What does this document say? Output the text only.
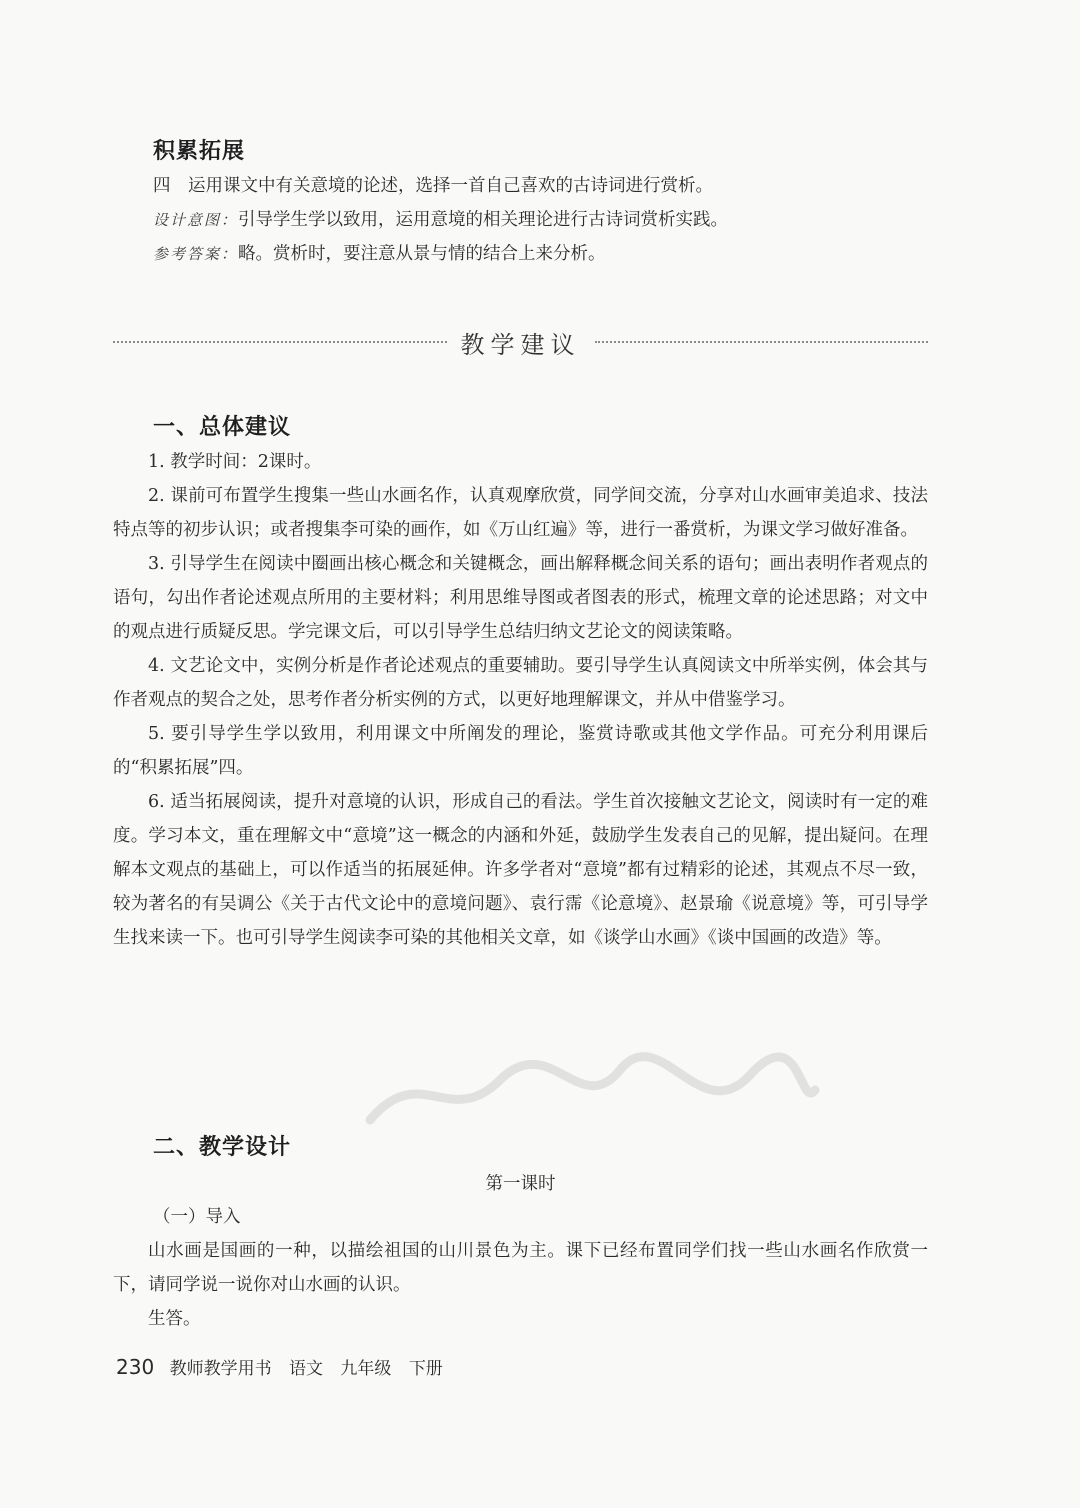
积累拓展
四　运用课文中有关意境的论述，选择一首自己喜欢的古诗词进行赏析。
设计意图：引导学生学以致用，运用意境的相关理论进行古诗词赏析实践。
参考答案：略。赏析时，要注意从景与情的结合上来分析。
教学建议
一、总体建议

1. 教学时间：2课时。

2. 课前可布置学生搜集一些山水画名作，认真观摩欣赏，同学间交流，分享对山水画审美追求、技法特点等的初步认识；或者搜集李可染的画作，如《万山红遍》等，进行一番赏析，为课文学习做好准备。

3. 引导学生在阅读中圈画出核心概念和关键概念，画出解释概念间关系的语句；画出表明作者观点的语句，勾出作者论述观点所用的主要材料；利用思维导图或者图表的形式，梳理文章的论述思路；对文中的观点进行质疑反思。学完课文后，可以引导学生总结归纳文艺论文的阅读策略。

4. 文艺论文中，实例分析是作者论述观点的重要辅助。要引导学生认真阅读文中所举实例，体会其与作者观点的契合之处，思考作者分析实例的方式，以更好地理解课文，并从中借鉴学习。

5. 要引导学生学以致用，利用课文中所阐发的理论，鉴赏诗歌或其他文学作品。可充分利用课后的“积累拓展”四。

6. 适当拓展阅读，提升对意境的认识，形成自己的看法。学生首次接触文艺论文，阅读时有一定的难度。学习本文，重在理解文中“意境”这一概念的内涵和外延，鼓励学生发表自己的见解，提出疑问。在理解本文观点的基础上，可以作适当的拓展延伸。许多学者对“意境”都有过精彩的论述，其观点不尽一致，较为著名的有吴调公《关于古代文论中的意境问题》、袁行霈《论意境》、赵景瑜《说意境》等，可引导学生找来读一下。也可引导学生阅读李可染的其他相关文章，如《谈学山水画》《谈中国画的改造》等。

二、教学设计
第一课时
（一）导入

山水画是国画的一种，以描绘祖国的山川景色为主。课下已经布置同学们找一些山水画名作欣赏一下，请同学说一说你对山水画的认识。

生答。

230 教师教学用书 语文 九年级 下册
